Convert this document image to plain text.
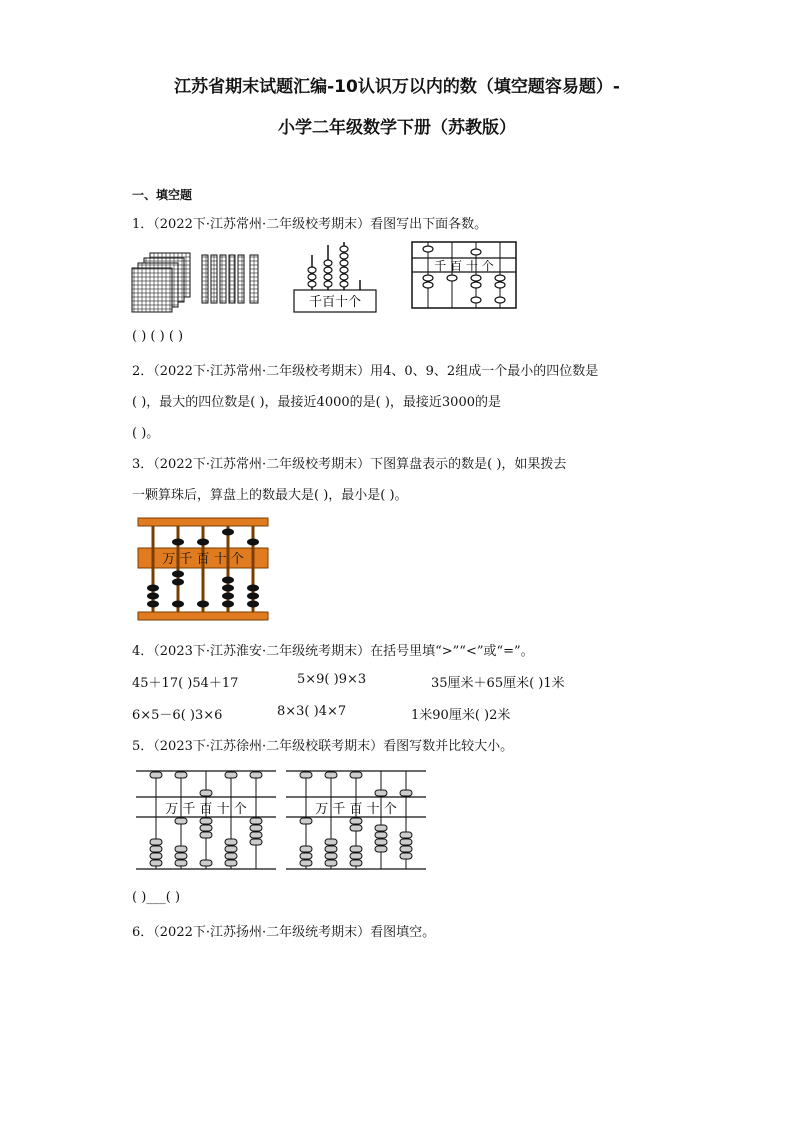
江苏省期末试题汇编-10认识万以内的数（填空题容易题）-
小学二年级数学下册（苏教版）
一、填空题
1．（2022下·江苏常州·二年级校考期末）看图写出下面各数。
千百十个
千 百 十 个
( ) ( ) ( )
2．（2022下·江苏常州·二年级校考期末）用4、0、9、2组成一个最小的四位数是
( )，最大的四位数是( )，最接近4000的是( )，最接近3000的是
( )。
3．（2022下·江苏常州·二年级校考期末）下图算盘表示的数是( )，如果拨去
一颗算珠后，算盘上的数最大是( )，最小是( )。
万 千 百 十 个
4．（2023下·江苏淮安·二年级统考期末）在括号里填“>”“<”或“=”。
45＋17( )54＋17	5×9( )9×3	35厘米＋65厘米( )1米
6×5－6( )3×6	8×3( )4×7	1米90厘米( )2米
5．（2023下·江苏徐州·二年级校联考期末）看图写数并比较大小。
万 千 百 十 个	万 千 百 十 个
( )___( )
6．（2022下·江苏扬州·二年级统考期末）看图填空。
